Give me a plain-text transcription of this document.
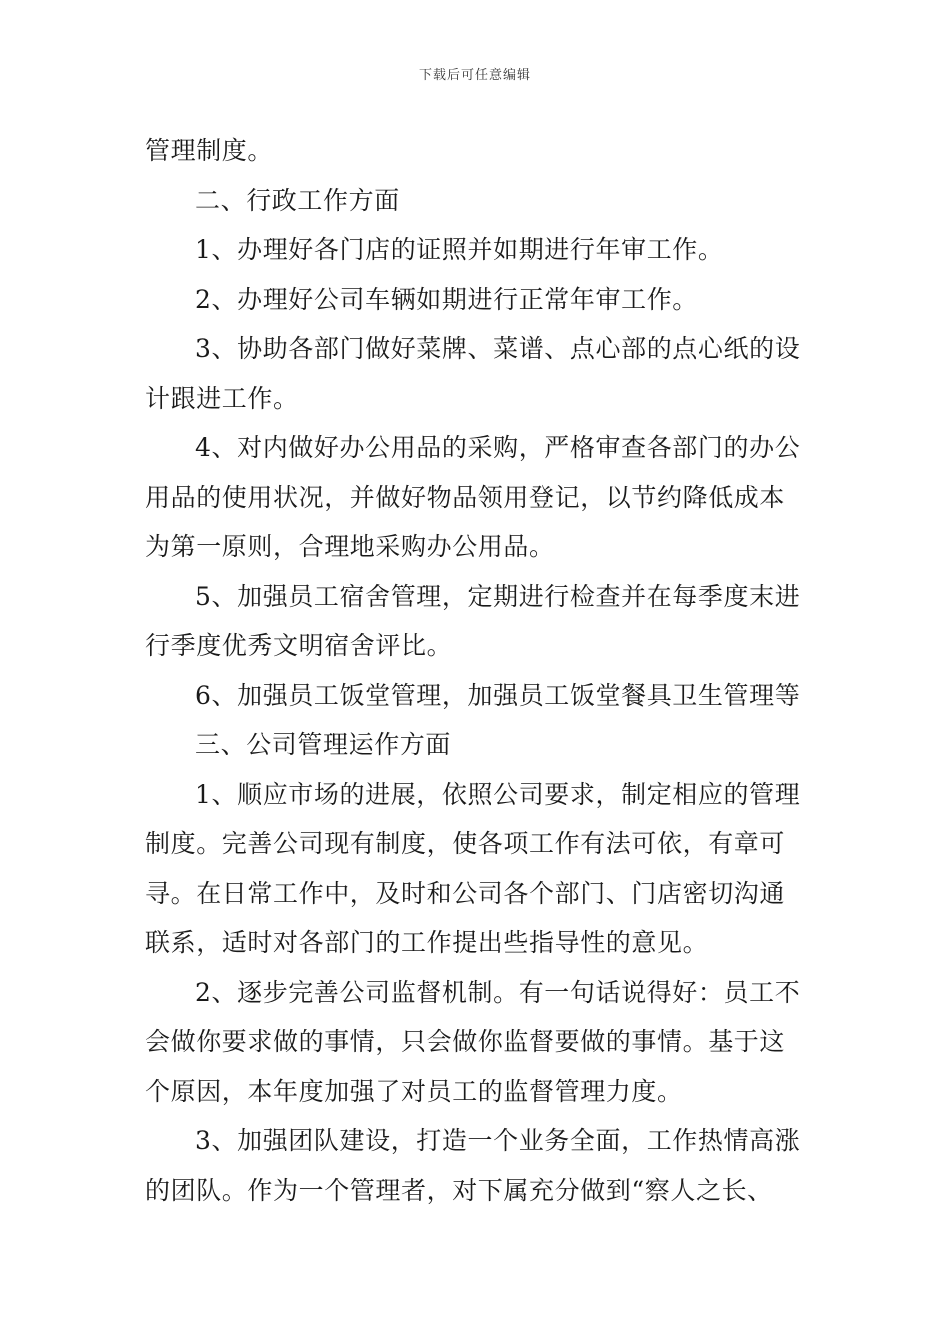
下载后可任意编辑
管理制度。
二、行政工作方面
1、办理好各门店的证照并如期进行年审工作。
2、办理好公司车辆如期进行正常年审工作。
3、协助各部门做好菜牌、菜谱、点心部的点心纸的设
计跟进工作。
4、对内做好办公用品的采购，严格审查各部门的办公
用品的使用状况，并做好物品领用登记，以节约降低成本
为第一原则，合理地采购办公用品。
5、加强员工宿舍管理，定期进行检查并在每季度末进
行季度优秀文明宿舍评比。
6、加强员工饭堂管理，加强员工饭堂餐具卫生管理等
三、公司管理运作方面
1、顺应市场的进展，依照公司要求，制定相应的管理
制度。完善公司现有制度，使各项工作有法可依，有章可
寻。在日常工作中，及时和公司各个部门、门店密切沟通
联系，适时对各部门的工作提出些指导性的意见。
2、逐步完善公司监督机制。有一句话说得好：员工不
会做你要求做的事情，只会做你监督要做的事情。基于这
个原因，本年度加强了对员工的监督管理力度。
3、加强团队建设，打造一个业务全面，工作热情高涨
的团队。作为一个管理者，对下属充分做到“察人之长、
